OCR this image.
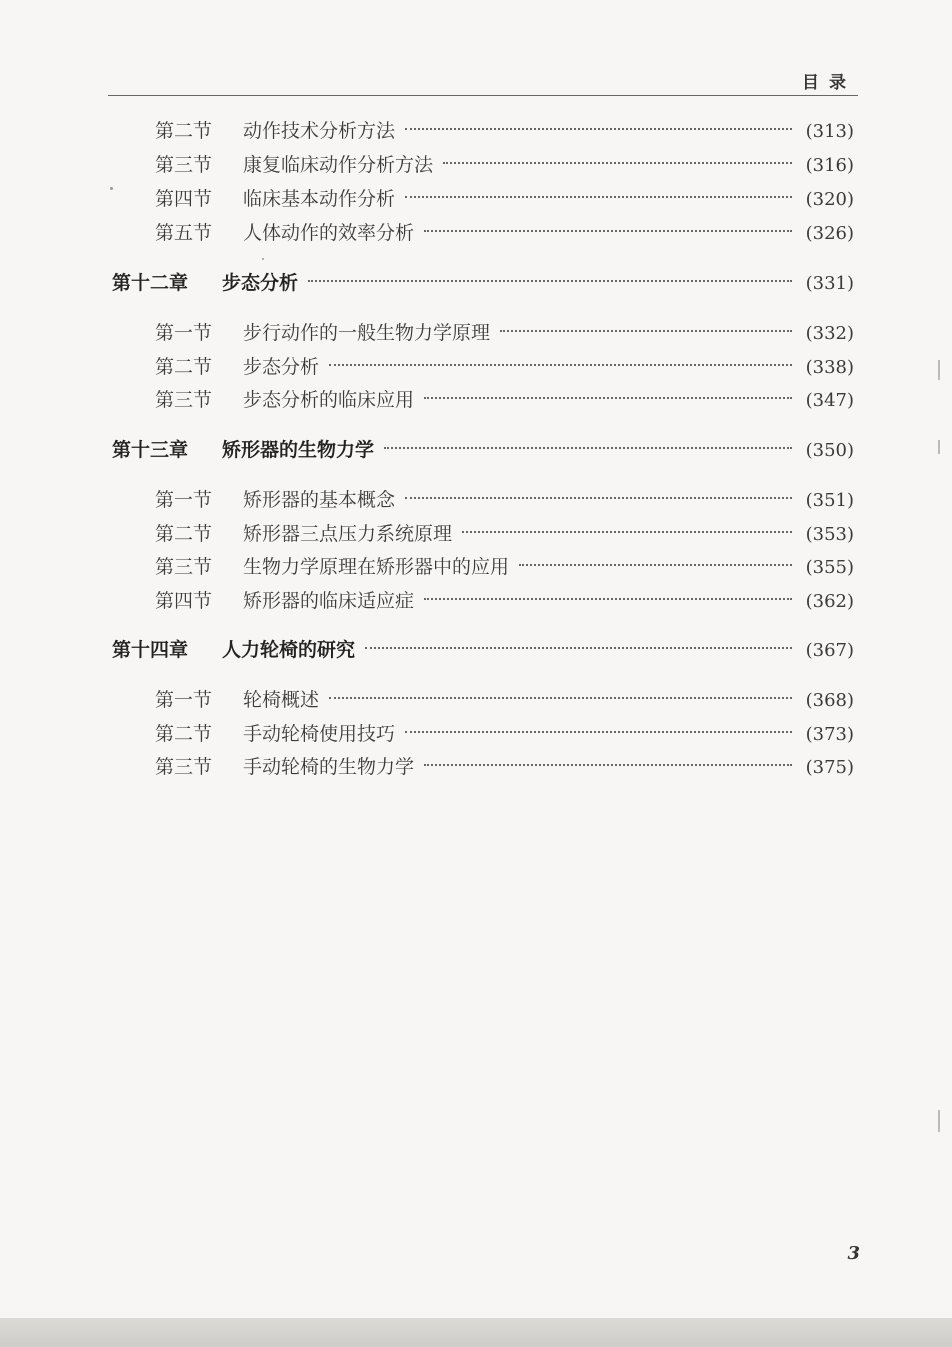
目录
第二节	动作技术分析方法	(313)
第三节	康复临床动作分析方法	(316)
第四节	临床基本动作分析	(320)
第五节	人体动作的效率分析	(326)
第十二章	步态分析	(331)
第一节	步行动作的一般生物力学原理	(332)
第二节	步态分析	(338)
第三节	步态分析的临床应用	(347)
第十三章	矫形器的生物力学	(350)
第一节	矫形器的基本概念	(351)
第二节	矫形器三点压力系统原理	(353)
第三节	生物力学原理在矫形器中的应用	(355)
第四节	矫形器的临床适应症	(362)
第十四章	人力轮椅的研究	(367)
第一节	轮椅概述	(368)
第二节	手动轮椅使用技巧	(373)
第三节	手动轮椅的生物力学	(375)
3
